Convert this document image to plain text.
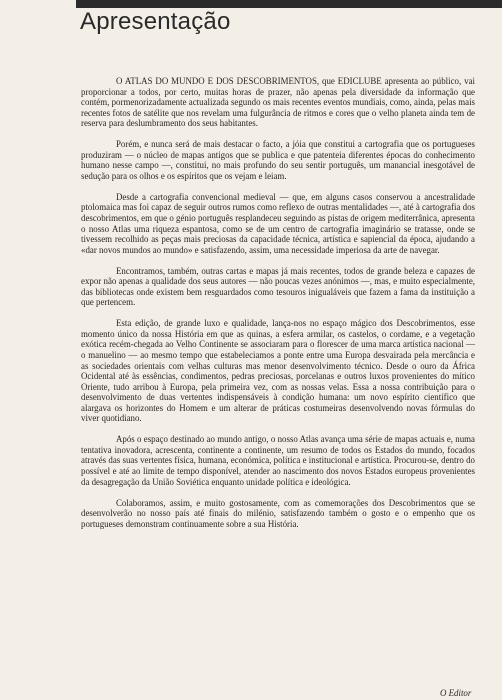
Apresentação

O ATLAS DO MUNDO E DOS DESCOBRIMENTOS, que EDICLUBE apresenta ao público, vai proporcionar a todos, por certo, muitas horas de prazer, não apenas pela diversidade da informação que contém, pormenorizadamente actualizada segundo os mais recentes eventos mundiais, como, ainda, pelas mais recentes fotos de satélite que nos revelam uma fulgurância de ritmos e cores que o velho planeta ainda tem de reserva para deslumbramento dos seus habitantes.

Porém, e nunca será de mais destacar o facto, a jóia que constitui a cartografia que os portugueses produziram — o núcleo de mapas antigos que se publica e que patenteia diferentes épocas do conhecimento humano nesse campo —, constitui, no mais profundo do seu sentir português, um manancial inesgotável de sedução para os olhos e os espíritos que os vejam e leiam.

Desde a cartografia convencional medieval — que, em alguns casos conservou a ancestralidade ptolomaica mas foi capaz de seguir outros rumos como reflexo de outras mentalidades —, até à cartografia dos descobrimentos, em que o génio português resplandeceu seguindo as pistas de origem mediterrânica, apresenta o nosso Atlas uma riqueza espantosa, como se de um centro de cartografia imaginário se tratasse, onde se tivessem recolhido as peças mais preciosas da capacidade técnica, artística e sapiencial da época, ajudando a «dar novos mundos ao mundo» e satisfazendo, assim, uma necessidade imperiosa da arte de navegar.

Encontramos, também, outras cartas e mapas já mais recentes, todos de grande beleza e capazes de expor não apenas a qualidade dos seus autores — não poucas vezes anónimos —, mas, e muito especialmente, das bibliotecas onde existem bem resguardados como tesouros inigualáveis que fazem a fama da instituição a que pertencem.

Esta edição, de grande luxo e qualidade, lança-nos no espaço mágico dos Descobrimentos, esse momento único da nossa História em que as quinas, a esfera armilar, os castelos, o cordame, e a vegetação exótica recém-chegada ao Velho Continente se associaram para o florescer de uma marca artística nacional — o manuelino — ao mesmo tempo que estabeleciamos a ponte entre uma Europa desvairada pela mercância e as sociedades orientais com velhas culturas mas menor desenvolvimento técnico. Desde o ouro da África Ocidental até às essências, condimentos, pedras preciosas, porcelanas e outros luxos provenientes do mítico Oriente, tudo arribou à Europa, pela primeira vez, com as nossas velas. Essa a nossa contribuição para o desenvolvimento de duas vertentes indispensáveis à condição humana: um novo espírito científico que alargava os horizontes do Homem e um alterar de práticas costumeiras desenvolvendo novas fórmulas do viver quotidiano.

Após o espaço destinado ao mundo antigo, o nosso Atlas avança uma série de mapas actuais e, numa tentativa inovadora, acrescenta, continente a continente, um resumo de todos os Estados do mundo, focados através das suas vertentes física, humana, económica, política e institucional e artística. Procurou-se, dentro do possível e até ao limite de tempo disponível, atender ao nascimento dos novos Estados europeus provenientes da desagregação da União Soviética enquanto unidade política e ideológica.

Colaboramos, assim, e muito gostosamente, com as comemorações dos Descobrimentos que se desenvolverão no nosso país até finais do milénio, satisfazendo também o gosto e o empenho que os portugueses demonstram continuamente sobre a sua História.

O Editor
